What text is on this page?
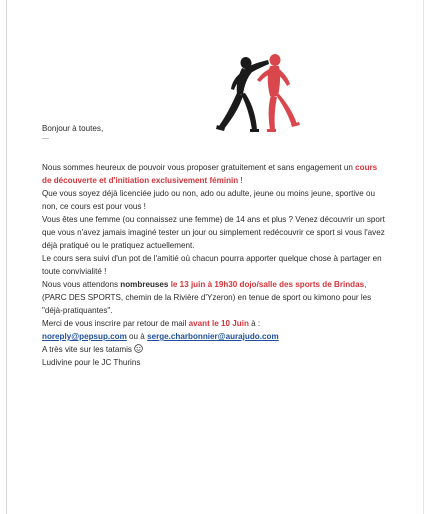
Bonjour à toutes,

—

Nous sommes heureux de pouvoir vous proposer gratuitement et sans engagement un cours de découverte et d'initiation exclusivement féminin !

Que vous soyez déjà licenciée judo ou non, ado ou adulte, jeune ou moins jeune, sportive ou non, ce cours est pour vous !

Vous êtes une femme (ou connaissez une femme) de 14 ans et plus ? Venez découvrir un sport que vous n'avez jamais imaginé tester un jour ou simplement redécouvrir ce sport si vous l'avez déjà pratiqué ou le pratiquez actuellement.

Le cours sera suivi d'un pot de l'amitié où chacun pourra apporter quelque chose à partager en toute convivialité !

Nous vous attendons nombreuses le 13 juin à 19h30 dojo/salle des sports de Brindas, (PARC DES SPORTS, chemin de la Rivière d'Yzeron) en tenue de sport ou kimono pour les "déjà-pratiquantes".

Merci de vous inscrire par retour de mail avant le 10 Juin à :

noreply@pepsup.com ou à serge.charbonnier@aurajudo.com

A très vite sur les tatamis

Ludivine pour le JC Thurins
